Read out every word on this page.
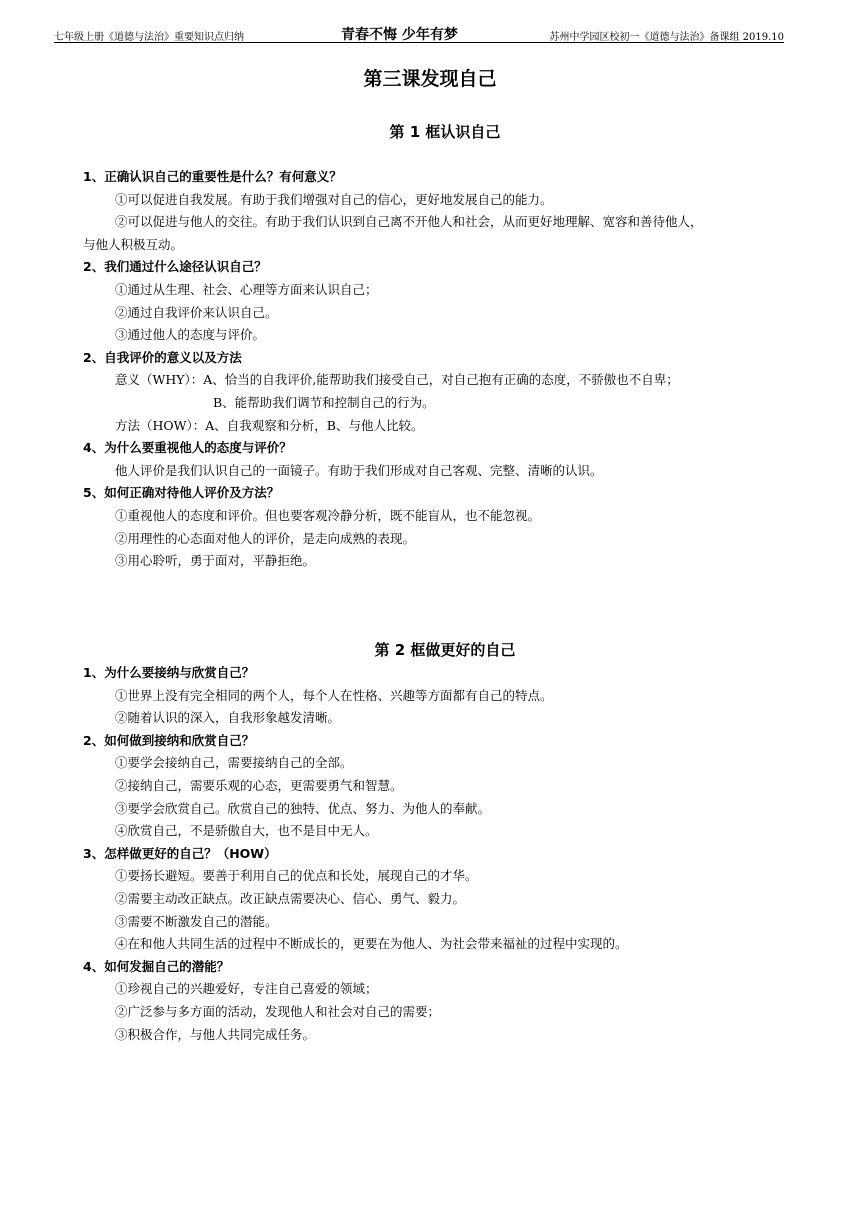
七年级上册《道德与法治》重要知识点归纳	青春不悔 少年有梦	苏州中学园区校初一《道德与法治》备课组 2019.10
第三课发现自己
第 1 框认识自己
1、正确认识自己的重要性是什么？有何意义？
①可以促进自我发展。有助于我们增强对自己的信心，更好地发展自己的能力。
②可以促进与他人的交往。有助于我们认识到自己离不开他人和社会，从而更好地理解、宽容和善待他人，
与他人积极互动。
2、我们通过什么途径认识自己？
①通过从生理、社会、心理等方面来认识自己；
②通过自我评价来认识自己。
③通过他人的态度与评价。
2、自我评价的意义以及方法
意义（WHY）：A、恰当的自我评价,能帮助我们接受自己，对自己抱有正确的态度，不骄傲也不自卑；
B、能帮助我们调节和控制自己的行为。
方法（HOW）：A、自我观察和分析，B、与他人比较。
4、为什么要重视他人的态度与评价？
他人评价是我们认识自己的一面镜子。有助于我们形成对自己客观、完整、清晰的认识。
5、如何正确对待他人评价及方法？
①重视他人的态度和评价。但也要客观冷静分析，既不能盲从，也不能忽视。
②用理性的心态面对他人的评价，是走向成熟的表现。
③用心聆听，勇于面对，平静拒绝。
第 2 框做更好的自己
1、为什么要接纳与欣赏自己？
①世界上没有完全相同的两个人，每个人在性格、兴趣等方面都有自己的特点。
②随着认识的深入，自我形象越发清晰。
2、如何做到接纳和欣赏自己？
①要学会接纳自己，需要接纳自己的全部。
②接纳自己，需要乐观的心态，更需要勇气和智慧。
③要学会欣赏自己。欣赏自己的独特、优点、努力、为他人的奉献。
④欣赏自己，不是骄傲自大，也不是目中无人。
3、怎样做更好的自己？（HOW）
①要扬长避短。要善于利用自己的优点和长处，展现自己的才华。
②需要主动改正缺点。改正缺点需要决心、信心、勇气、毅力。
③需要不断激发自己的潜能。
④在和他人共同生活的过程中不断成长的，更要在为他人、为社会带来福祉的过程中实现的。
4、如何发掘自己的潜能？
①珍视自己的兴趣爱好，专注自己喜爱的领域；
②广泛参与多方面的活动，发现他人和社会对自己的需要；
③积极合作，与他人共同完成任务。
